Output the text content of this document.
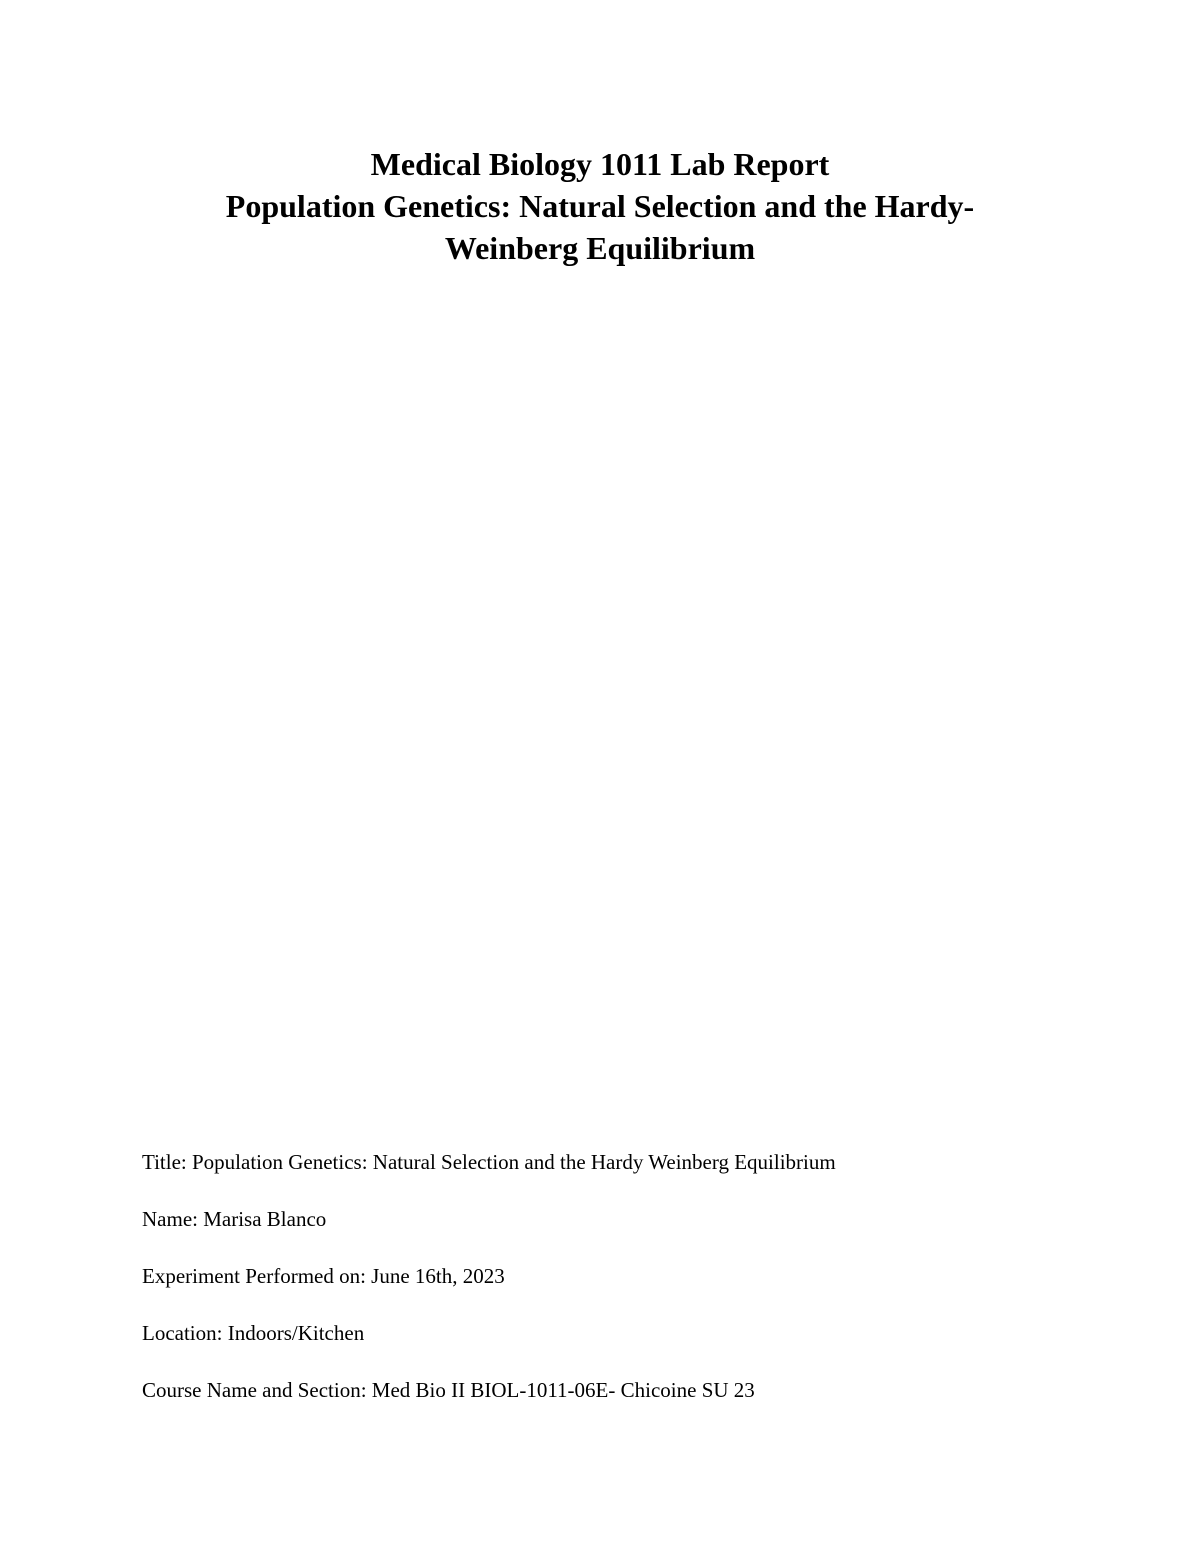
Medical Biology 1011 Lab Report
Population Genetics: Natural Selection and the Hardy-
Weinberg Equilibrium
Title: Population Genetics: Natural Selection and the Hardy Weinberg Equilibrium
Name: Marisa Blanco
Experiment Performed on: June 16th, 2023
Location: Indoors/Kitchen
Course Name and Section: Med Bio II BIOL-1011-06E- Chicoine SU 23
